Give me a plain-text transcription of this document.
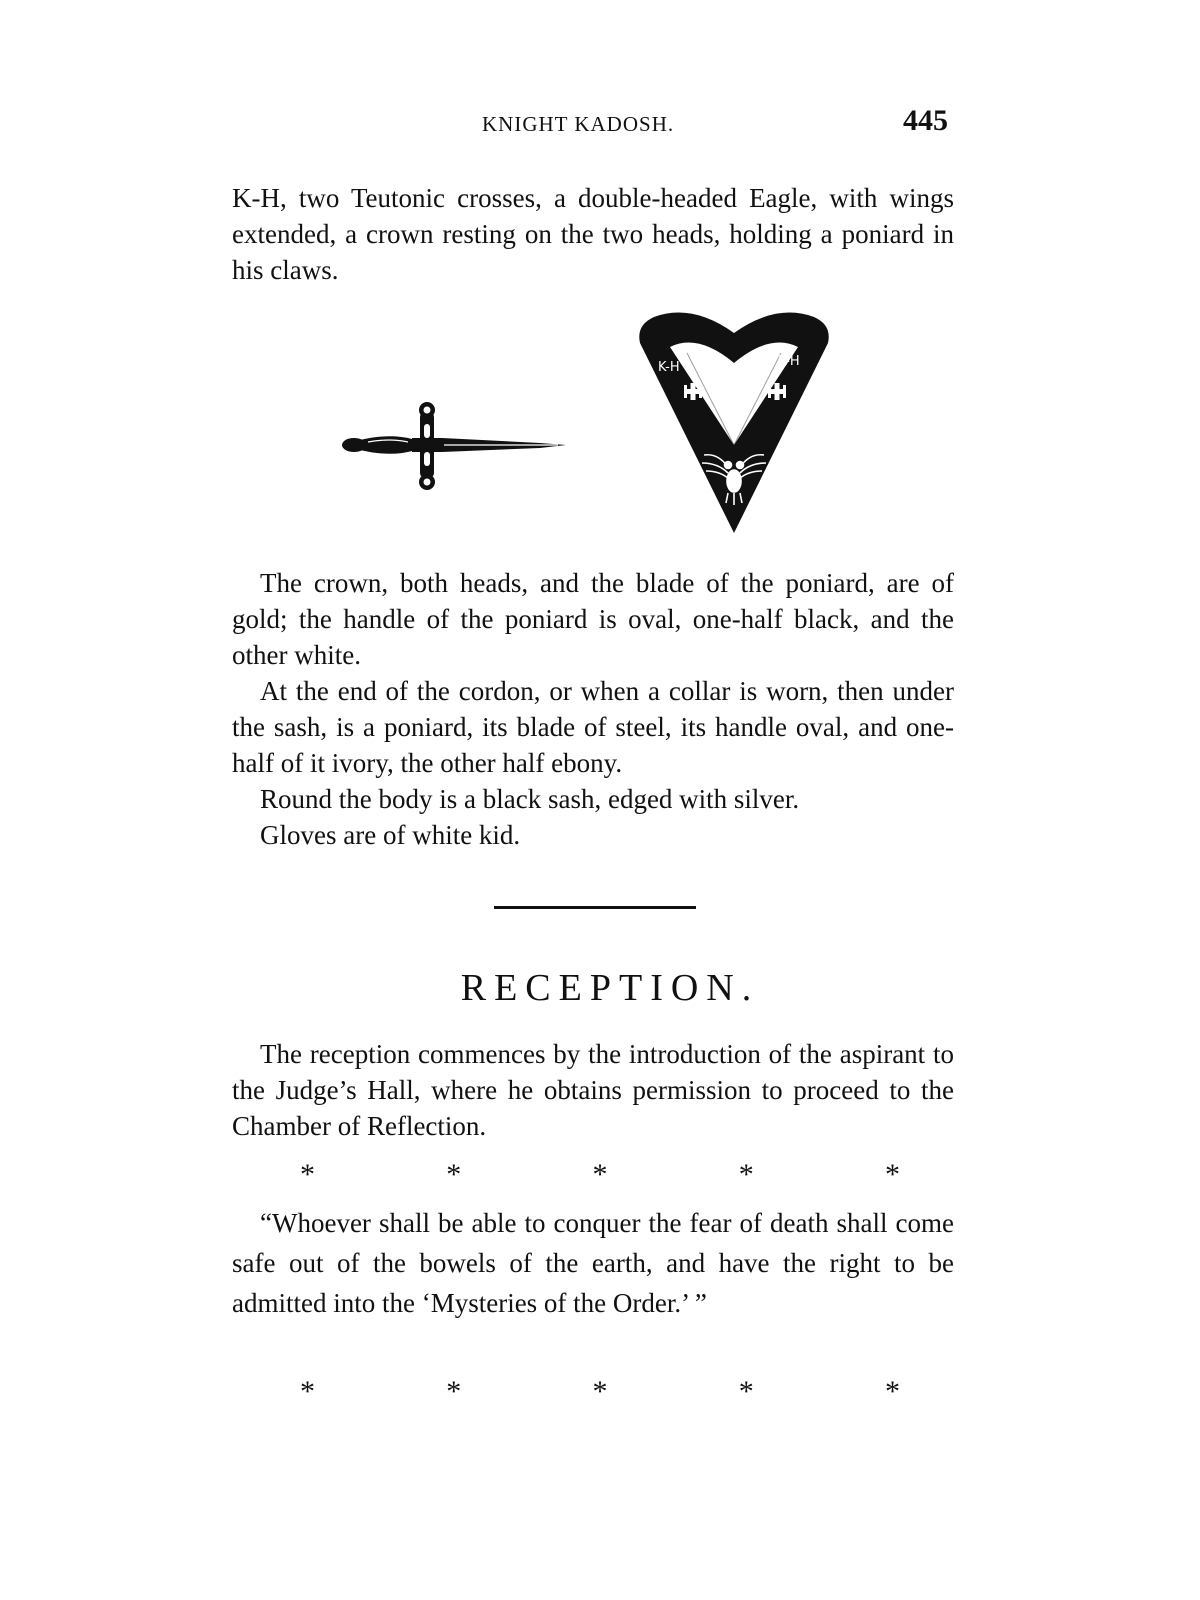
KNIGHT KADOSH.	445

K-H, two Teutonic crosses, a double-headed Eagle, with wings extended, a crown resting on the two heads, holding a poniard in his claws.

K-H	K-H

The crown, both heads, and the blade of the poniard, are of gold; the handle of the poniard is oval, one-half black, and the other white.

At the end of the cordon, or when a collar is worn, then under the sash, is a poniard, its blade of steel, its handle oval, and one-half of it ivory, the other half ebony.

Round the body is a black sash, edged with silver.

Gloves are of white kid.

RECEPTION.

The reception commences by the introduction of the aspirant to the Judge’s Hall, where he obtains permission to proceed to the Chamber of Reflection.

*	*	*	*	*

“Whoever shall be able to conquer the fear of death shall come safe out of the bowels of the earth, and have the right to be admitted into the ‘Mysteries of the Order.’ ”

*	*	*	*	*
